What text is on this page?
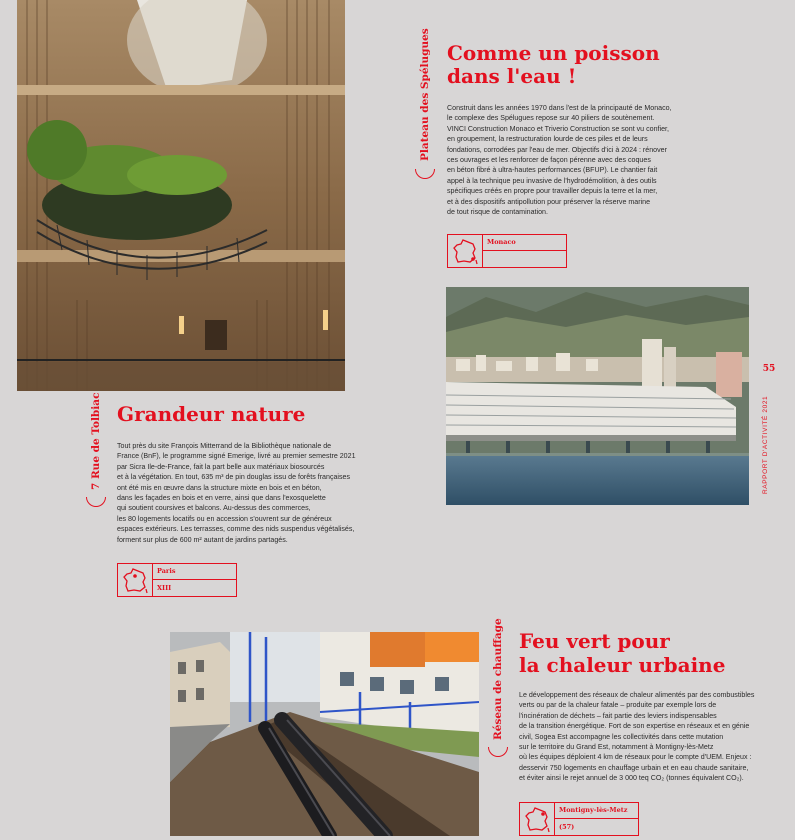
7 Rue de Tolbiac Grandeur nature

Tout près du site François Mitterrand de la Bibliothèque nationale de

France (BnF), le programme signé Emerige, livré au premier semestre 2021

par Sicra Ile-de-France, fait la part belle aux matériaux biosourcés

et à la végétation. En tout, 635 m³ de pin douglas issu de forêts françaises

ont été mis en œuvre dans la structure mixte en bois et en béton,

dans les façades en bois et en verre, ainsi que dans l'exosquelette

qui soutient coursives et balcons. Au-dessus des commerces,

les 80 logements locatifs ou en accession s'ouvrent sur de généreux

espaces extérieurs. Les terrasses, comme des nids suspendus végétalisés,

forment sur plus de 600 m² autant de jardins partagés.

Paris
XIII
Plateau des Spélugues Comme un poisson
dans l'eau !

Construit dans les années 1970 dans l'est de la principauté de Monaco,

le complexe des Spélugues repose sur 40 piliers de soutènement.

VINCI Construction Monaco et Triverio Construction se sont vu confier,

en groupement, la restructuration lourde de ces piles et de leurs

fondations, corrodées par l'eau de mer. Objectifs d'ici à 2024 : rénover

ces ouvrages et les renforcer de façon pérenne avec des coques

en béton fibré à ultra-hautes performances (BFUP). Le chantier fait

appel à la technique peu invasive de l'hydrodémolition, à des outils

spécifiques créés en propre pour travailler depuis la terre et la mer,

et à des dispositifs antipollution pour préserver la réserve marine

de tout risque de contamination.

Monaco
55
RAPPORT D'ACTIVITÉ 2021
Réseau de chauffage Feu vert pour
la chaleur urbaine

Le développement des réseaux de chaleur alimentés par des combustibles

verts ou par de la chaleur fatale – produite par exemple lors de

l'incinération de déchets – fait partie des leviers indispensables

de la transition énergétique. Fort de son expertise en réseaux et en génie

civil, Sogea Est accompagne les collectivités dans cette mutation

sur le territoire du Grand Est, notamment à Montigny-lès-Metz

où les équipes déploient 4 km de réseaux pour le compte d'UEM. Enjeux :

desservir 750 logements en chauffage urbain et en eau chaude sanitaire,

et éviter ainsi le rejet annuel de 3 000 teq CO₂ (tonnes équivalent CO₂).

Montigny-lès-Metz
(57)
